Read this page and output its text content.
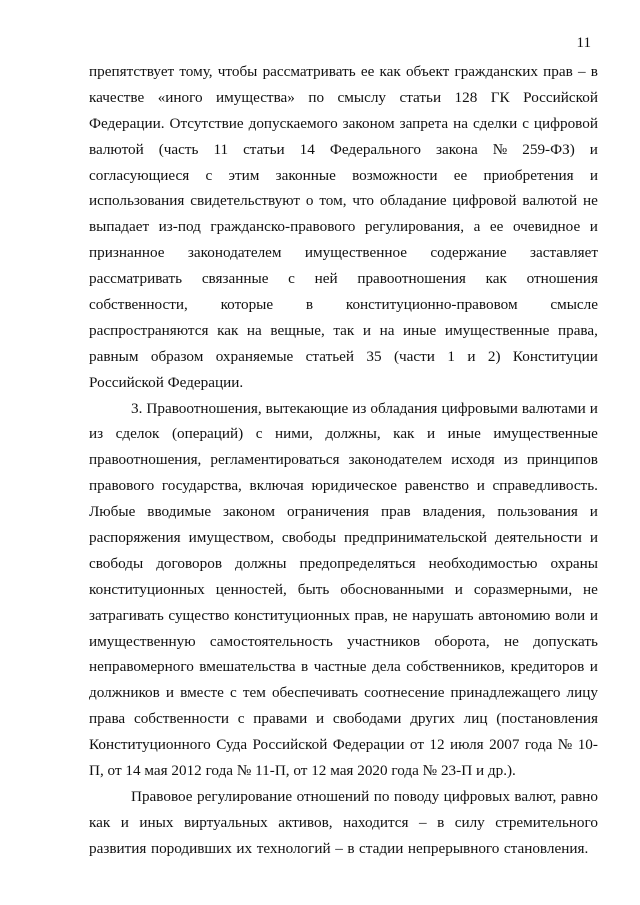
11
препятствует тому, чтобы рассматривать ее как объект гражданских прав – в
качестве «иного имущества» по смыслу статьи 128 ГК Российской
Федерации. Отсутствие допускаемого законом запрета на сделки с цифровой
валютой (часть 11 статьи 14 Федерального закона № 259-ФЗ) и
согласующиеся с этим законные возможности ее приобретения и
использования свидетельствуют о том, что обладание цифровой валютой не
выпадает из-под гражданско-правового регулирования, а ее очевидное и
признанное законодателем имущественное содержание заставляет
рассматривать связанные с ней правоотношения как отношения
собственности, которые в конституционно-правовом смысле
распространяются как на вещные, так и на иные имущественные права,
равным образом охраняемые статьей 35 (части 1 и 2) Конституции
Российской Федерации.
3. Правоотношения, вытекающие из обладания цифровыми валютами и
из сделок (операций) с ними, должны, как и иные имущественные
правоотношения, регламентироваться законодателем исходя из принципов
правового государства, включая юридическое равенство и справедливость.
Любые вводимые законом ограничения прав владения, пользования и
распоряжения имуществом, свободы предпринимательской деятельности и
свободы договоров должны предопределяться необходимостью охраны
конституционных ценностей, быть обоснованными и соразмерными, не
затрагивать существо конституционных прав, не нарушать автономию воли и
имущественную самостоятельность участников оборота, не допускать
неправомерного вмешательства в частные дела собственников, кредиторов и
должников и вместе с тем обеспечивать соотнесение принадлежащего лицу
права собственности с правами и свободами других лиц (постановления
Конституционного Суда Российской Федерации от 12 июля 2007 года № 10-
П, от 14 мая 2012 года № 11-П, от 12 мая 2020 года № 23-П и др.).
Правовое регулирование отношений по поводу цифровых валют, равно
как и иных виртуальных активов, находится – в силу стремительного
развития породивших их технологий – в стадии непрерывного становления.
